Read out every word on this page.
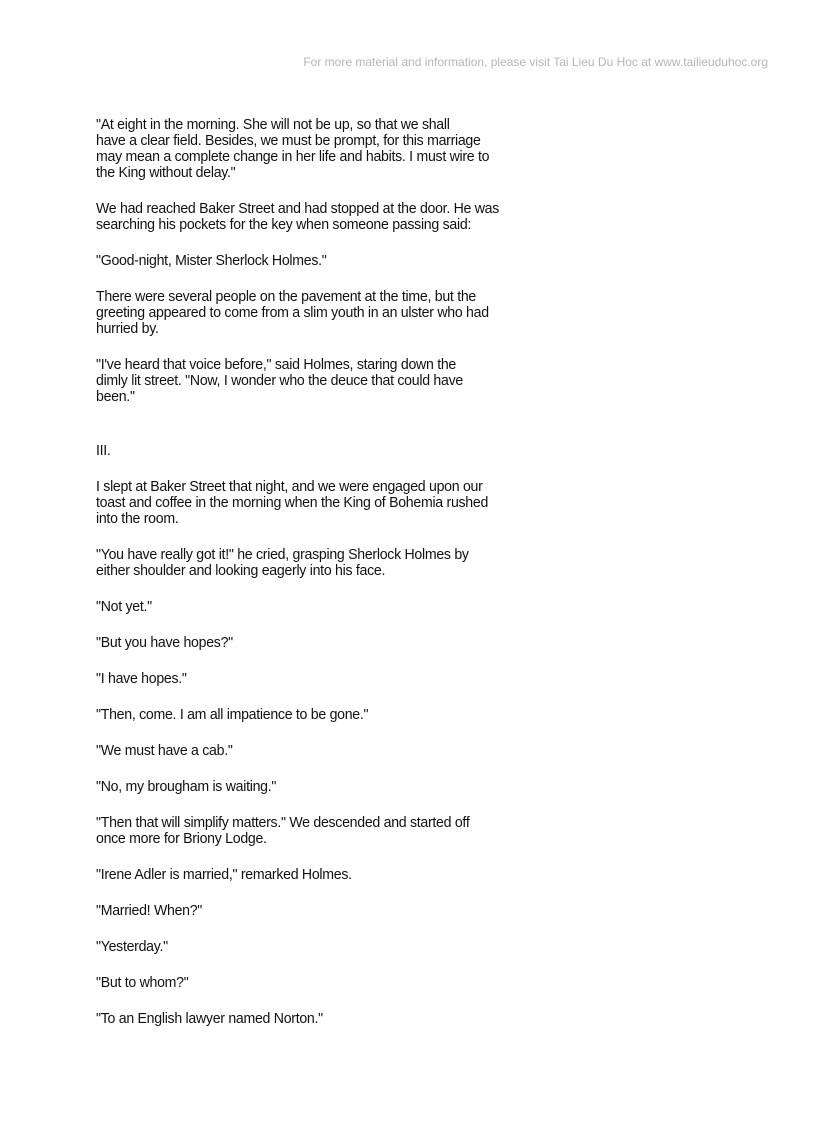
For more material and information, please visit Tai Lieu Du Hoc at www.tailieuduhoc.org

"At eight in the morning. She will not be up, so that we shall
have a clear field. Besides, we must be prompt, for this marriage
may mean a complete change in her life and habits. I must wire to
the King without delay."

We had reached Baker Street and had stopped at the door. He was
searching his pockets for the key when someone passing said:

"Good-night, Mister Sherlock Holmes."

There were several people on the pavement at the time, but the
greeting appeared to come from a slim youth in an ulster who had
hurried by.

"I've heard that voice before," said Holmes, staring down the
dimly lit street. "Now, I wonder who the deuce that could have
been."

III.

I slept at Baker Street that night, and we were engaged upon our
toast and coffee in the morning when the King of Bohemia rushed
into the room.

"You have really got it!" he cried, grasping Sherlock Holmes by
either shoulder and looking eagerly into his face.

"Not yet."

"But you have hopes?"

"I have hopes."

"Then, come. I am all impatience to be gone."

"We must have a cab."

"No, my brougham is waiting."

"Then that will simplify matters." We descended and started off
once more for Briony Lodge.

"Irene Adler is married," remarked Holmes.

"Married! When?"

"Yesterday."

"But to whom?"

"To an English lawyer named Norton."
